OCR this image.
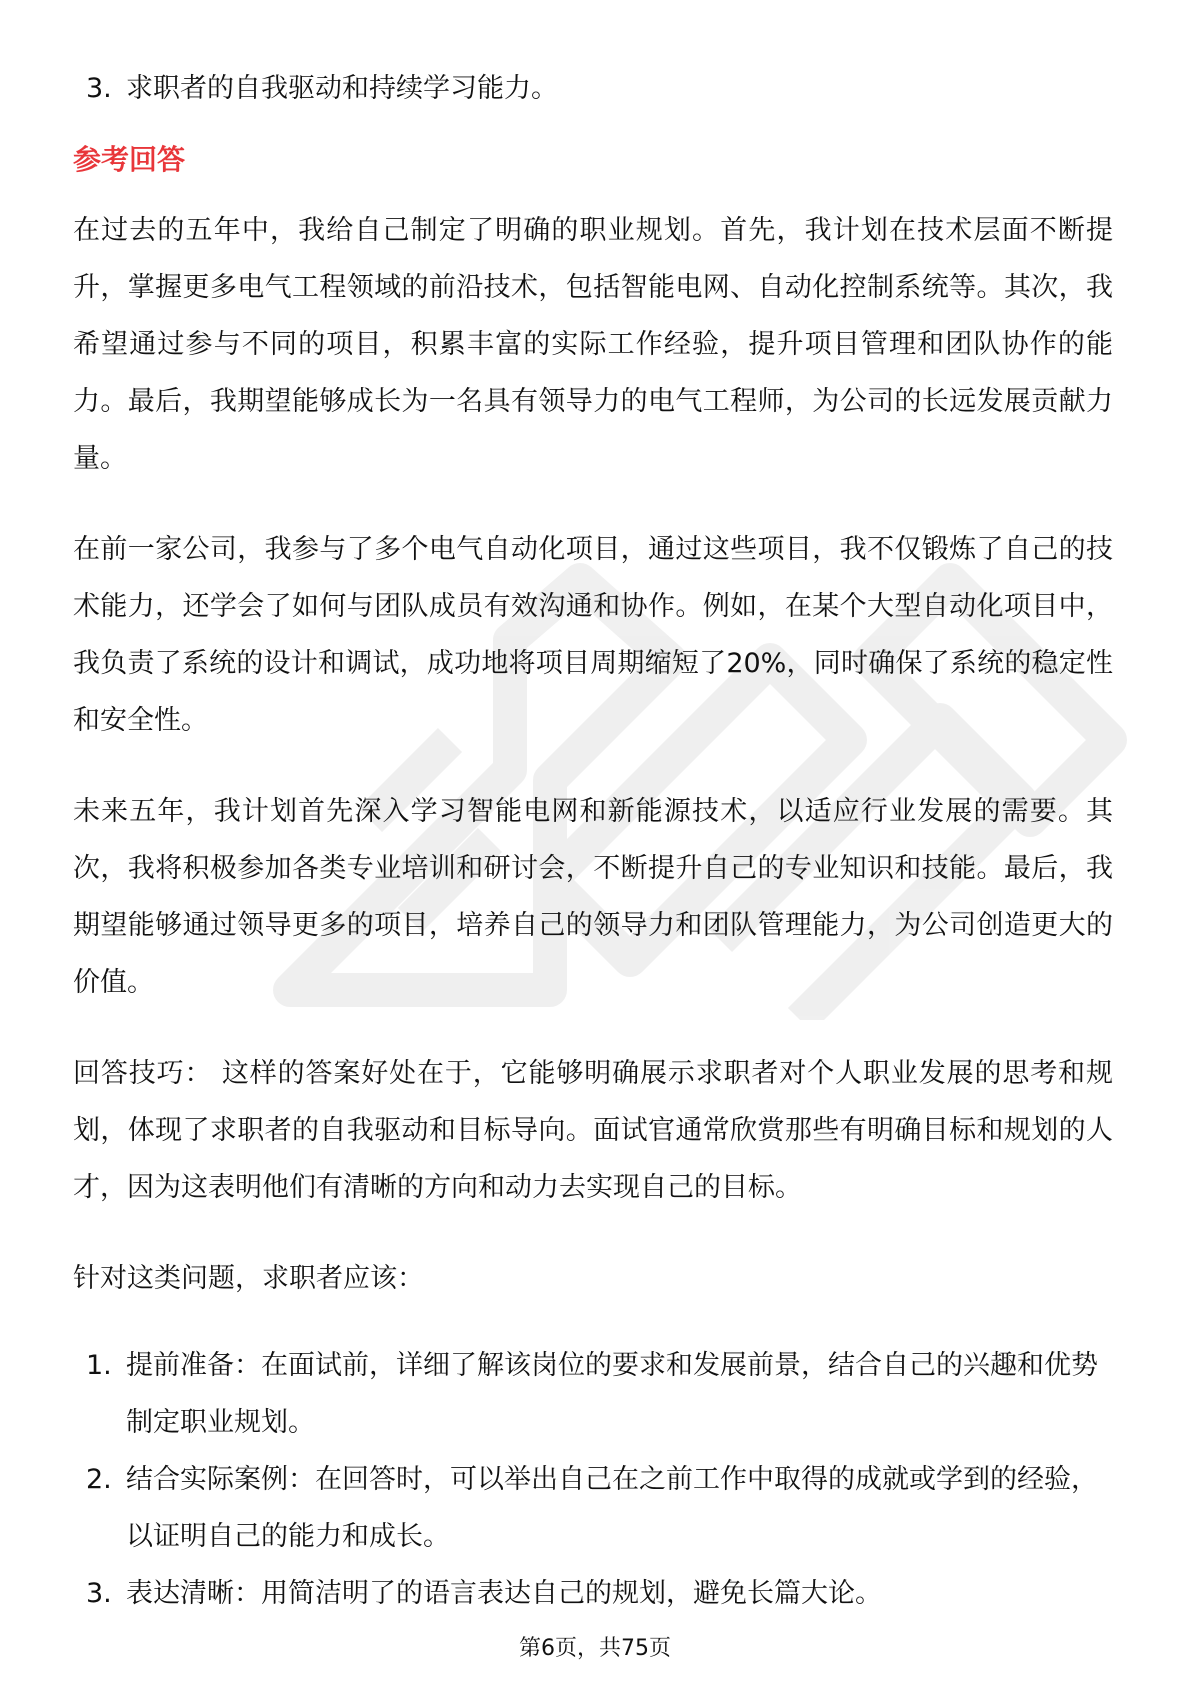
3. 求职者的自我驱动和持续学习能力。
参考回答

在过去的五年中，我给自己制定了明确的职业规划。首先，我计划在技术层面不断提升，掌握更多电气工程领域的前沿技术，包括智能电网、自动化控制系统等。其次，我希望通过参与不同的项目，积累丰富的实际工作经验，提升项目管理和团队协作的能力。最后，我期望能够成长为一名具有领导力的电气工程师，为公司的长远发展贡献力量。

在前一家公司，我参与了多个电气自动化项目，通过这些项目，我不仅锻炼了自己的技术能力，还学会了如何与团队成员有效沟通和协作。例如，在某个大型自动化项目中，我负责了系统的设计和调试，成功地将项目周期缩短了20%，同时确保了系统的稳定性和安全性。

未来五年，我计划首先深入学习智能电网和新能源技术，以适应行业发展的需要。其次，我将积极参加各类专业培训和研讨会，不断提升自己的专业知识和技能。最后，我期望能够通过领导更多的项目，培养自己的领导力和团队管理能力，为公司创造更大的价值。

回答技巧： 这样的答案好处在于，它能够明确展示求职者对个人职业发展的思考和规划，体现了求职者的自我驱动和目标导向。面试官通常欣赏那些有明确目标和规划的人才，因为这表明他们有清晰的方向和动力去实现自己的目标。

针对这类问题，求职者应该：

1. 提前准备：在面试前，详细了解该岗位的要求和发展前景，结合自己的兴趣和优势制定职业规划。
2. 结合实际案例：在回答时，可以举出自己在之前工作中取得的成就或学到的经验，以证明自己的能力和成长。
3. 表达清晰：用简洁明了的语言表达自己的规划，避免长篇大论。
第6页，共75页
